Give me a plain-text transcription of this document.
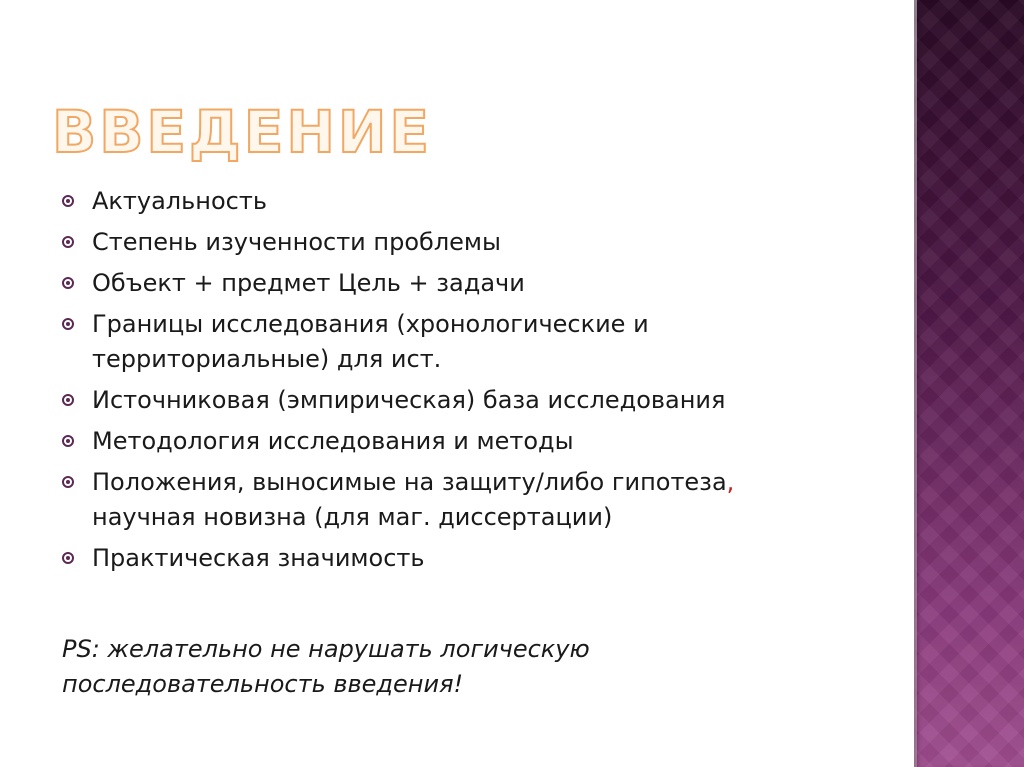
ВВЕДЕНИЕ
Актуальность
Степень изученности проблемы
Объект + предмет Цель + задачи
Границы исследования (хронологические и
территориальные) для ист.
Источниковая (эмпирическая) база исследования
Методология исследования и методы
Положения, выносимые на защиту/либо гипотеза,
научная новизна (для маг. диссертации)
Практическая значимость
PS: желательно не нарушать логическую
последовательность введения!
